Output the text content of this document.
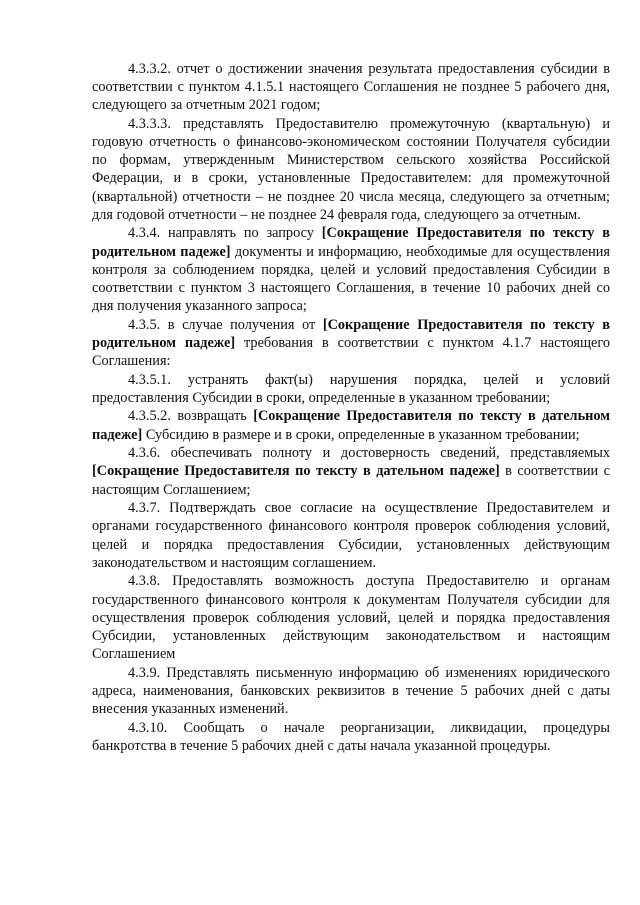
4.3.3.2. отчет о достижении значения результата предоставления субсидии в соответствии с пунктом 4.1.5.1 настоящего Соглашения не позднее 5 рабочего дня, следующего за отчетным 2021 годом;

4.3.3.3. представлять Предоставителю промежуточную (квартальную) и годовую отчетность о финансово-экономическом состоянии Получателя субсидии по формам, утвержденным Министерством сельского хозяйства Российской Федерации, и в сроки, установленные Предоставителем: для промежуточной (квартальной) отчетности – не позднее 20 числа месяца, следующего за отчетным; для годовой отчетности – не позднее 24 февраля года, следующего за отчетным.

4.3.4. направлять по запросу [Сокращение Предоставителя по тексту в родительном падеже] документы и информацию, необходимые для осуществления контроля за соблюдением порядка, целей и условий предоставления Субсидии в соответствии с пунктом 3 настоящего Соглашения, в течение 10 рабочих дней со дня получения указанного запроса;

4.3.5. в случае получения от [Сокращение Предоставителя по тексту в родительном падеже] требования в соответствии с пунктом 4.1.7 настоящего Соглашения:

4.3.5.1. устранять факт(ы) нарушения порядка, целей и условий предоставления Субсидии в сроки, определенные в указанном требовании;

4.3.5.2. возвращать [Сокращение Предоставителя по тексту в дательном падеже] Субсидию в размере и в сроки, определенные в указанном требовании;

4.3.6. обеспечивать полноту и достоверность сведений, представляемых [Сокращение Предоставителя по тексту в дательном падеже] в соответствии с настоящим Соглашением;

4.3.7. Подтверждать свое согласие на осуществление Предоставителем и органами государственного финансового контроля проверок соблюдения условий, целей и порядка предоставления Субсидии, установленных действующим законодательством и настоящим соглашением.

4.3.8. Предоставлять возможность доступа Предоставителю и органам государственного финансового контроля к документам Получателя субсидии для осуществления проверок соблюдения условий, целей и порядка предоставления Субсидии, установленных действующим законодательством и настоящим Соглашением

4.3.9. Представлять письменную информацию об изменениях юридического адреса, наименования, банковских реквизитов в течение 5 рабочих дней с даты внесения указанных изменений.

4.3.10. Сообщать о начале реорганизации, ликвидации, процедуры банкротства в течение 5 рабочих дней с даты начала указанной процедуры.
